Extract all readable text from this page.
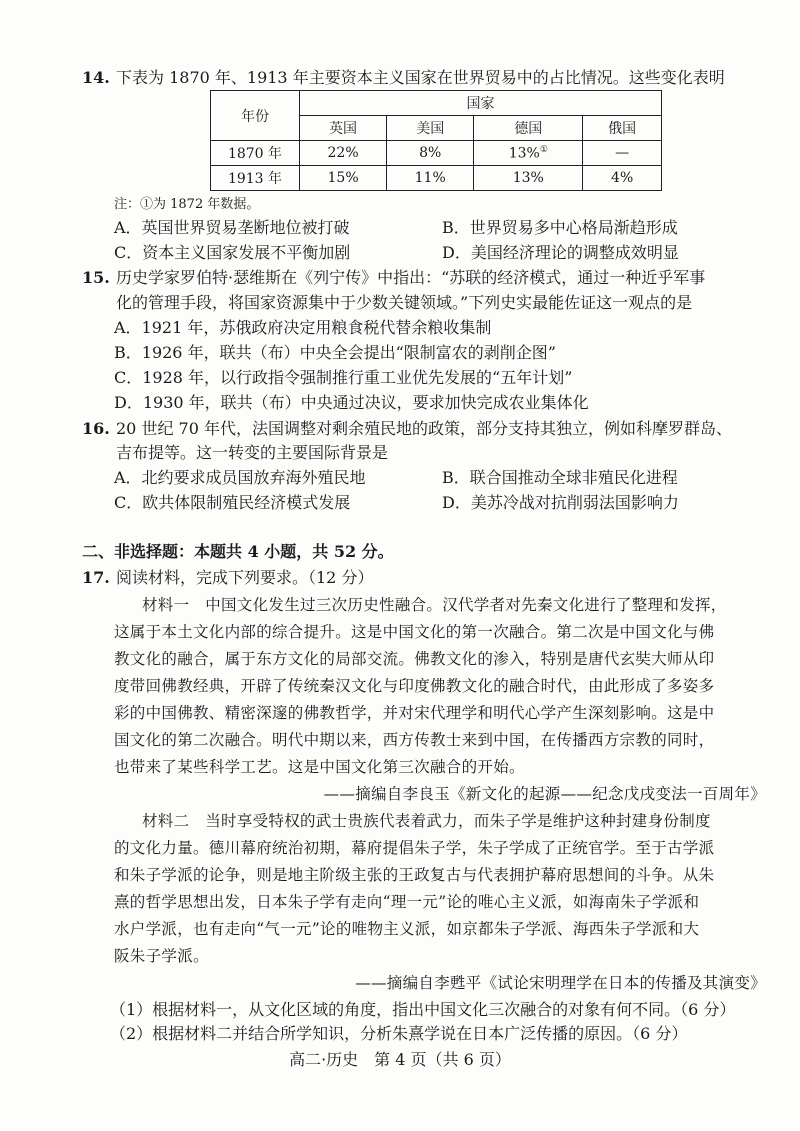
14. 下表为 1870 年、1913 年主要资本主义国家在世界贸易中的占比情况。这些变化表明
年份	国家			
	英国	美国	德国	俄国
1870 年	22%	8%	13%①	—
1913 年	15%	11%	13%	4%
注：①为 1872 年数据。
A．英国世界贸易垄断地位被打破	B．世界贸易多中心格局渐趋形成
C．资本主义国家发展不平衡加剧	D．美国经济理论的调整成效明显
15. 历史学家罗伯特·瑟维斯在《列宁传》中指出：“苏联的经济模式，通过一种近乎军事
化的管理手段，将国家资源集中于少数关键领域。”下列史实最能佐证这一观点的是
A．1921 年，苏俄政府决定用粮食税代替余粮收集制
B．1926 年，联共（布）中央全会提出“限制富农的剥削企图”
C．1928 年，以行政指令强制推行重工业优先发展的“五年计划”
D．1930 年，联共（布）中央通过决议，要求加快完成农业集体化
16. 20 世纪 70 年代，法国调整对剩余殖民地的政策，部分支持其独立，例如科摩罗群岛、
吉布提等。这一转变的主要国际背景是
A．北约要求成员国放弃海外殖民地	B．联合国推动全球非殖民化进程
C．欧共体限制殖民经济模式发展	D．美苏冷战对抗削弱法国影响力
二、非选择题：本题共 4 小题，共 52 分。
17. 阅读材料，完成下列要求。（12 分）
材料一　中国文化发生过三次历史性融合。汉代学者对先秦文化进行了整理和发挥，
这属于本土文化内部的综合提升。这是中国文化的第一次融合。第二次是中国文化与佛
教文化的融合，属于东方文化的局部交流。佛教文化的渗入，特别是唐代玄奘大师从印
度带回佛教经典，开辟了传统秦汉文化与印度佛教文化的融合时代，由此形成了多姿多
彩的中国佛教、精密深邃的佛教哲学，并对宋代理学和明代心学产生深刻影响。这是中
国文化的第二次融合。明代中期以来，西方传教士来到中国，在传播西方宗教的同时，
也带来了某些科学工艺。这是中国文化第三次融合的开始。
——摘编自李良玉《新文化的起源——纪念戊戌变法一百周年》
材料二　当时享受特权的武士贵族代表着武力，而朱子学是维护这种封建身份制度
的文化力量。德川幕府统治初期，幕府提倡朱子学，朱子学成了正统官学。至于古学派
和朱子学派的论争，则是地主阶级主张的王政复古与代表拥护幕府思想间的斗争。从朱
熹的哲学思想出发，日本朱子学有走向“理一元”论的唯心主义派，如海南朱子学派和
水户学派，也有走向“气一元”论的唯物主义派，如京都朱子学派、海西朱子学派和大
阪朱子学派。
——摘编自李甦平《试论宋明理学在日本的传播及其演变》
（1）根据材料一，从文化区域的角度，指出中国文化三次融合的对象有何不同。（6 分）
（2）根据材料二并结合所学知识，分析朱熹学说在日本广泛传播的原因。（6 分）
高二·历史　第 4 页（共 6 页）
